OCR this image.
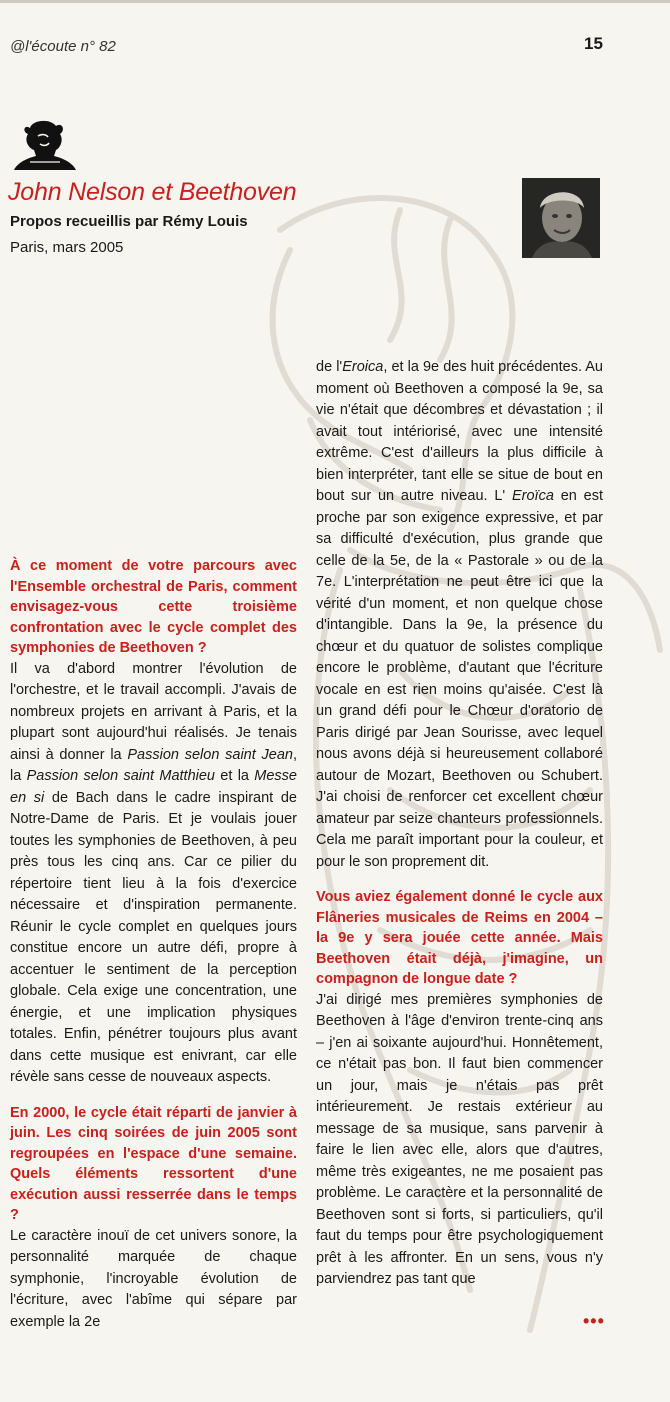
@l'écoute n° 82	15
John Nelson et Beethoven
Propos recueillis par Rémy Louis
Paris, mars 2005

À ce moment de votre parcours avec l'Ensemble orchestral de Paris, comment envisagez-vous cette troisième confrontation avec le cycle complet des symphonies de Beethoven ?

Il va d'abord montrer l'évolution de l'orchestre, et le travail accompli. J'avais de nombreux projets en arrivant à Paris, et la plupart sont aujourd'hui réalisés. Je tenais ainsi à donner la Passion selon saint Jean, la Passion selon saint Matthieu et la Messe en si de Bach dans le cadre inspirant de Notre-Dame de Paris. Et je voulais jouer toutes les symphonies de Beethoven, à peu près tous les cinq ans. Car ce pilier du répertoire tient lieu à la fois d'exercice nécessaire et d'inspiration permanente. Réunir le cycle complet en quelques jours constitue encore un autre défi, propre à accentuer le sentiment de la perception globale. Cela exige une concentration, une énergie, et une implication physiques totales. Enfin, pénétrer toujours plus avant dans cette musique est enivrant, car elle révèle sans cesse de nouveaux aspects.

En 2000, le cycle était réparti de janvier à juin. Les cinq soirées de juin 2005 sont regroupées en l'espace d'une semaine. Quels éléments ressortent d'une exécution aussi resserrée dans le temps ?

Le caractère inouï de cet univers sonore, la personnalité marquée de chaque symphonie, l'incroyable évolution de l'écriture, avec l'abîme qui sépare par exemple la 2e

de l'Eroica, et la 9e des huit précédentes. Au moment où Beethoven a composé la 9e, sa vie n'était que décombres et dévastation ; il avait tout intériorisé, avec une intensité extrême. C'est d'ailleurs la plus difficile à bien interpréter, tant elle se situe de bout en bout sur un autre niveau. L' Eroïca en est proche par son exigence expressive, et par sa difficulté d'exécution, plus grande que celle de la 5e, de la « Pastorale » ou de la 7e. L'interprétation ne peut être ici que la vérité d'un moment, et non quelque chose d'intangible. Dans la 9e, la présence du chœur et du quatuor de solistes complique encore le problème, d'autant que l'écriture vocale en est rien moins qu'aisée. C'est là un grand défi pour le Chœur d'oratorio de Paris dirigé par Jean Sourisse, avec lequel nous avons déjà si heureusement collaboré autour de Mozart, Beethoven ou Schubert. J'ai choisi de renforcer cet excellent chœur amateur par seize chanteurs professionnels. Cela me paraît important pour la couleur, et pour le son proprement dit.

Vous aviez également donné le cycle aux Flâneries musicales de Reims en 2004 – la 9e y sera jouée cette année. Mais Beethoven était déjà, j'imagine, un compagnon de longue date ?

J'ai dirigé mes premières symphonies de Beethoven à l'âge d'environ trente-cinq ans – j'en ai soixante aujourd'hui. Honnêtement, ce n'était pas bon. Il faut bien commencer un jour, mais je n'étais pas prêt intérieurement. Je restais extérieur au message de sa musique, sans parvenir à faire le lien avec elle, alors que d'autres, même très exigeantes, ne me posaient pas problème. Le caractère et la personnalité de Beethoven sont si forts, si particuliers, qu'il faut du temps pour être psychologiquement prêt à les affronter. En un sens, vous n'y parviendrez pas tant que

•••
